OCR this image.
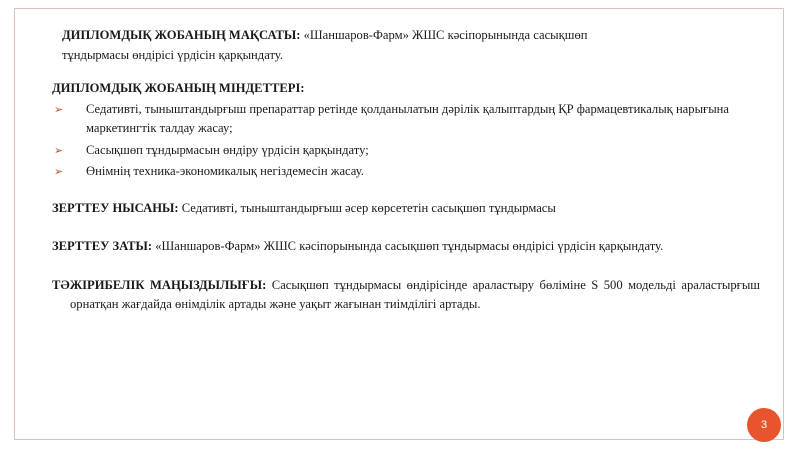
ДИПЛОМДЫҚ ЖОБАНЫҢ МАҚСАТЫ: «Шаншаров-Фарм» ЖШС кәсіпорынында сасықшөп

тұндырмасы өндірісі үрдісін қарқындату.

ДИПЛОМДЫҚ ЖОБАНЫҢ МІНДЕТТЕРІ:

➢ Седативті, тыныштандырғыш препараттар ретінде қолданылатын дәрілік қалыптардың ҚР фармацевтикалық нарығына маркетингтік талдау жасау;
➢ Сасықшөп тұндырмасын өндіру үрдісін қарқындату;
➢ Өнімнің техника-экономикалық негіздемесін жасау.

ЗЕРТТЕУ НЫСАНЫ: Седативті, тыныштандырғыш әсер көрсететін сасықшөп тұндырмасы

ЗЕРТТЕУ ЗАТЫ: «Шаншаров-Фарм» ЖШС кәсіпорынында сасықшөп тұндырмасы өндірісі үрдісін қарқындату.

ТӘЖІРИБЕЛІК МАҢЫЗДЫЛЫҒЫ: Сасықшөп тұндырмасы өндірісінде араластыру бөліміне S 500 модельді араластырғыш орнатқан жағдайда өнімділік артады және уақыт жағынан тиімділігі артады.

3
